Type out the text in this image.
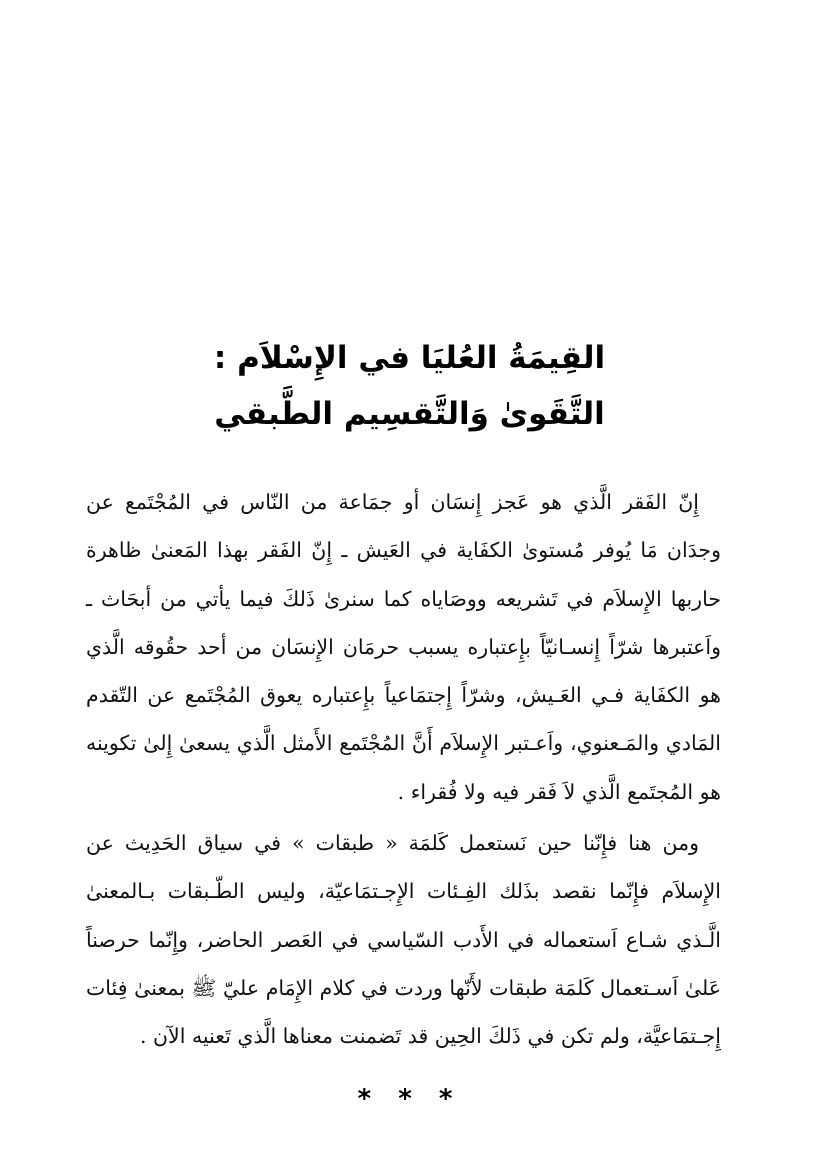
القِيمَةُ العُليَا في الإِسْلاَم :
التَّقَوىٰ وَالتَّقسِيم الطَّبقي

إِنّ الفَقر الَّذي هو عَجز إِنسَان أو جمَاعة من النّاس في المُجْتَمع عن وجدَان مَا يُوفر مُستوىٰ الكفَاية في العَيش ـ إِنّ الفَقر بهذا المَعنىٰ ظاهرة حاربها الإِسلاَم في تَشريعه ووصَاياه كما سنرىٰ ذَلكَ فيما يأتي من أبحَاث ـ واَعتبرها شرّاً إِنسـانيّاً بإِعتباره يسبب حرمَان الإِنسَان من أحد حقُوقه الَّذي هو الكفَاية فـي العَـيش، وشرّاً إِجتمَاعياً بإِعتباره يعوق المُجْتَمع عن التّقدم المَادي والمَـعنوي، واَعـتبر الإِسلاَم أَنَّ المُجْتَمع الأَمثل الَّذي يسعىٰ إِلىٰ تكوينه هو المُجتَمع الَّذي لاَ فَقر فيه ولا فُقراء .

ومن هنا فإِنّنا حين نَستعمل كَلمَة « طبقات » في سياق الحَدِيث عن الإِسلاَم فإِنّما نقصد بذَلك الفِـئات الإِجـتمَاعيّة، وليس الطّـبقات بـالمعنىٰ الَّـذي شـاع اَستعماله في الأَدب السّياسي في العَصر الحاضر، وإِنّما حرصناً عَلىٰ اَسـتعمال كَلمَة طبقات لأَنّها وردت في كلام الإِمَام عليّ ﷺ بمعنىٰ فِئات إِجـتمَاعيَّة، ولم تكن في ذَلكَ الحِين قد تَضمنت معناها الَّذي تَعنيه الآن .

* * *
